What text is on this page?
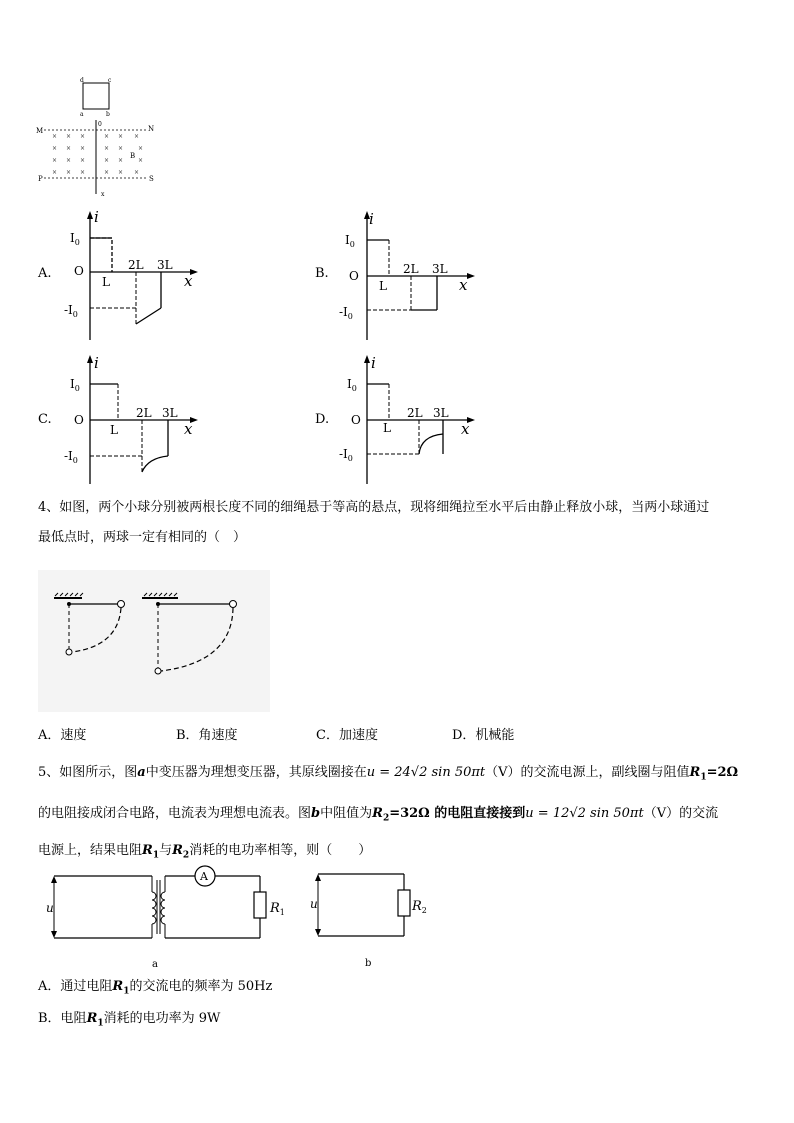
d	c
a	b
0
M	N
P	S
B
x
× × ×	× × ×
× × ×	× × ×
× × ×	× × ×
× × ×	× × ×
A.
i
$I_0$
O
L
2L 3L
x
$-I_0$
B.
i
$I_0$
O
L
2L 3L
x
$-I_0$
C.
i
$I_0$
O
L
2L 3L
x
$-I_0$
D.
i
$I_0$
O
L
2L 3L
x
$-I_0$
4、如图，两个小球分别被两根长度不同的细绳悬于等高的悬点，现将细绳拉至水平后由静止释放小球，当两小球通过
最低点时，两球一定有相同的（　）
A．速度	B．角速度	C．加速度	D．机械能
5、如图所示，图a中变压器为理想变压器，其原线圈接在u = 24√2 sin 50πt（V）的交流电源上，副线圈与阻值$R_1=2\Omega$
的电阻接成闭合电路，电流表为理想电流表。图b中阻值为$R_2=32\Omega$ 的电阻直接接到u = 12√2 sin 50πt（V）的交流
电源上，结果电阻$R_1$与$R_2$消耗的电功率相等，则（　　）
A
$R_1$
u
a
$R_2$
u
b
A．通过电阻$R_1$的交流电的频率为 50Hz
B．电阻$R_1$消耗的电功率为 9W
